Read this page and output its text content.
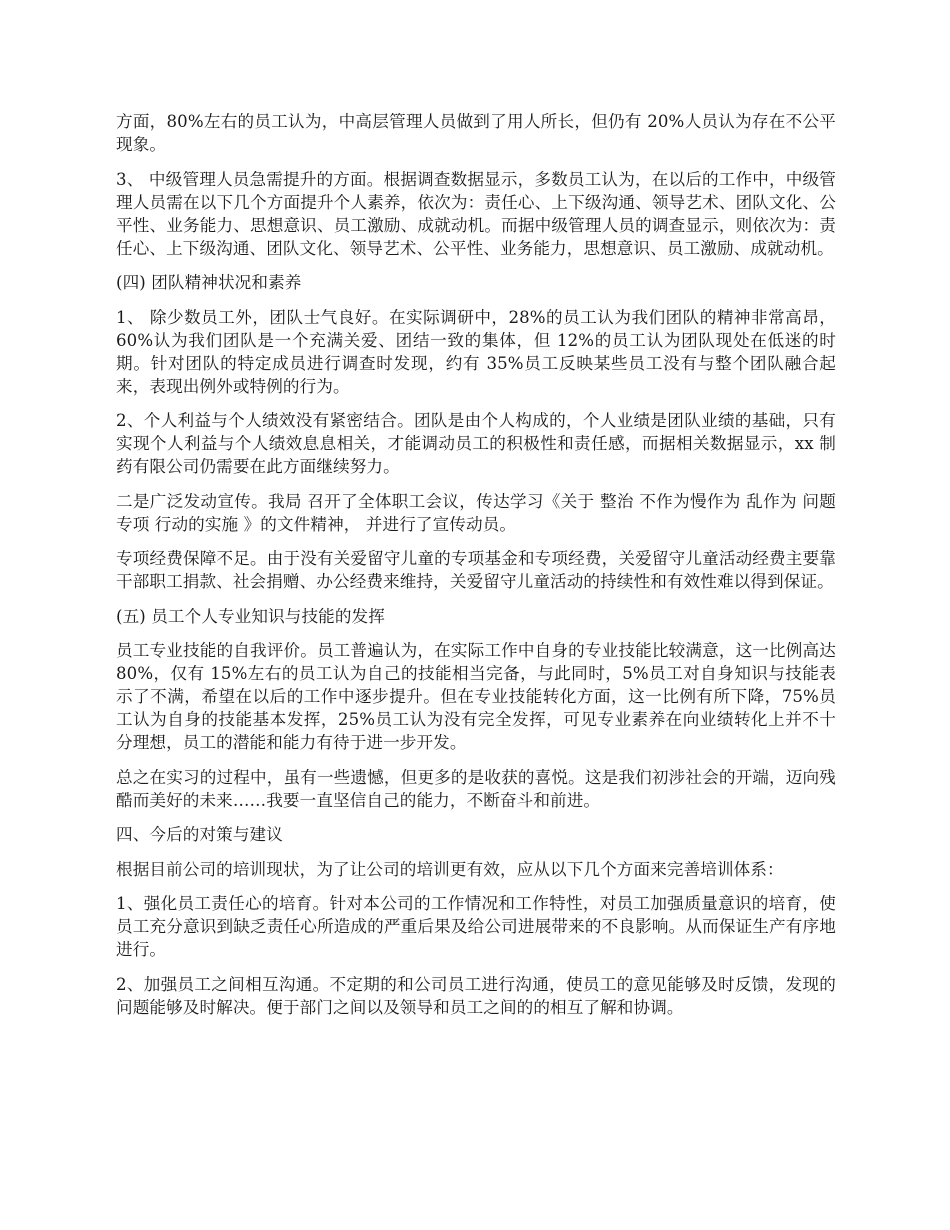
方面，80%左右的员工认为，中高层管理人员做到了用人所长，但仍有 20%人员认为存在不公平现象。

3、 中级管理人员急需提升的方面。根据调查数据显示，多数员工认为，在以后的工作中，中级管理人员需在以下几个方面提升个人素养，依次为：责任心、上下级沟通、领导艺术、团队文化、公平性、业务能力、思想意识、员工激励、成就动机。而据中级管理人员的调查显示，则依次为：责任心、上下级沟通、团队文化、领导艺术、公平性、业务能力，思想意识、员工激励、成就动机。

(四) 团队精神状况和素养

1、 除少数员工外，团队士气良好。在实际调研中，28%的员工认为我们团队的精神非常高昂，60%认为我们团队是一个充满关爱、团结一致的集体，但 12%的员工认为团队现处在低迷的时期。针对团队的特定成员进行调查时发现，约有 35%员工反映某些员工没有与整个团队融合起来，表现出例外或特例的行为。

2、个人利益与个人绩效没有紧密结合。团队是由个人构成的，个人业绩是团队业绩的基础，只有实现个人利益与个人绩效息息相关，才能调动员工的积极性和责任感，而据相关数据显示，xx 制药有限公司仍需要在此方面继续努力。

二是广泛发动宣传。我局 召开了全体职工会议，传达学习《关于 整治 不作为慢作为 乱作为 问题专项 行动的实施 》的文件精神， 并进行了宣传动员。

专项经费保障不足。由于没有关爱留守儿童的专项基金和专项经费，关爱留守儿童活动经费主要靠干部职工捐款、社会捐赠、办公经费来维持，关爱留守儿童活动的持续性和有效性难以得到保证。

(五) 员工个人专业知识与技能的发挥

员工专业技能的自我评价。员工普遍认为，在实际工作中自身的专业技能比较满意，这一比例高达 80%，仅有 15%左右的员工认为自己的技能相当完备，与此同时，5%员工对自身知识与技能表示了不满，希望在以后的工作中逐步提升。但在专业技能转化方面，这一比例有所下降，75%员工认为自身的技能基本发挥，25%员工认为没有完全发挥，可见专业素养在向业绩转化上并不十分理想，员工的潜能和能力有待于进一步开发。

总之在实习的过程中，虽有一些遗憾，但更多的是收获的喜悦。这是我们初涉社会的开端，迈向残酷而美好的未来……我要一直坚信自己的能力，不断奋斗和前进。

四、今后的对策与建议

根据目前公司的培训现状，为了让公司的培训更有效，应从以下几个方面来完善培训体系：

1、强化员工责任心的培育。针对本公司的工作情况和工作特性，对员工加强质量意识的培育，使员工充分意识到缺乏责任心所造成的严重后果及给公司进展带来的不良影响。从而保证生产有序地进行。

2、加强员工之间相互沟通。不定期的和公司员工进行沟通，使员工的意见能够及时反馈，发现的问题能够及时解决。便于部门之间以及领导和员工之间的的相互了解和协调。
